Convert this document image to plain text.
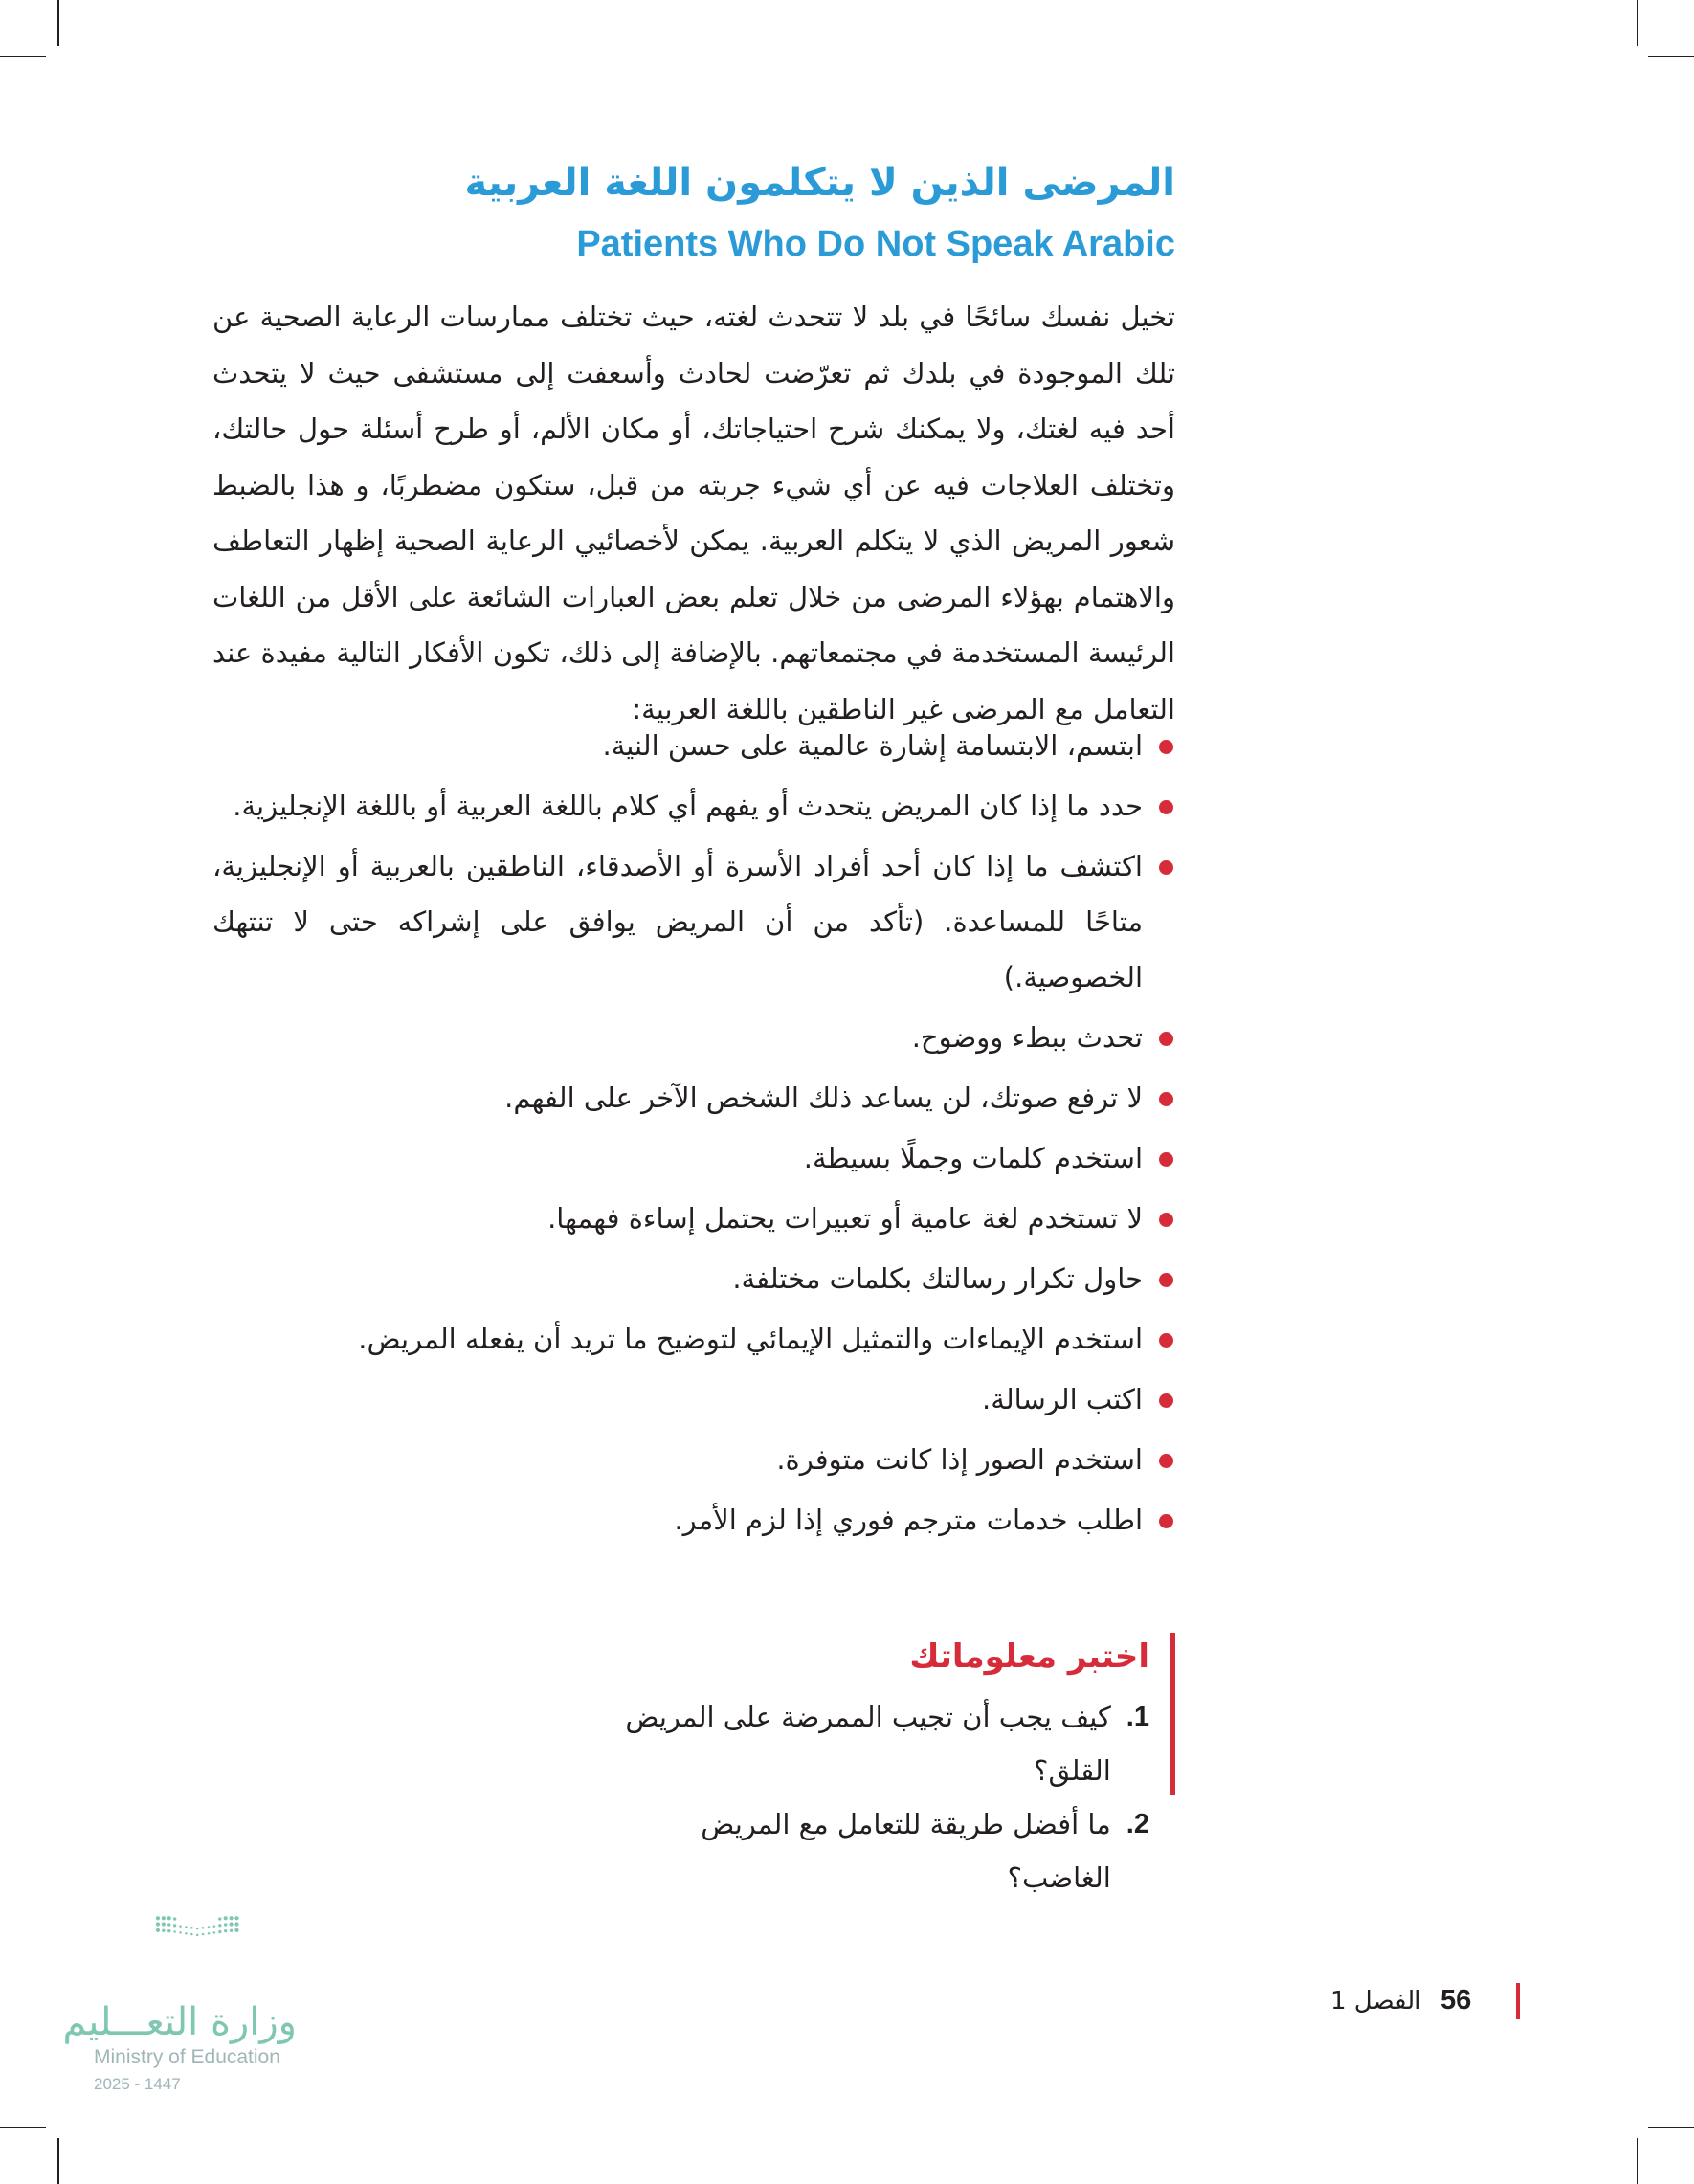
المرضى الذين لا يتكلمون اللغة العربية
Patients Who Do Not Speak Arabic

تخيل نفسك سائحًا في بلد لا تتحدث لغته، حيث تختلف ممارسات الرعاية الصحية عن تلك الموجودة في بلدك ثم تعرّضت لحادث وأسعفت إلى مستشفى حيث لا يتحدث أحد فيه لغتك، ولا يمكنك شرح احتياجاتك، أو مكان الألم، أو طرح أسئلة حول حالتك، وتختلف العلاجات فيه عن أي شيء جربته من قبل، ستكون مضطربًا، و هذا بالضبط شعور المريض الذي لا يتكلم العربية. يمكن لأخصائيي الرعاية الصحية إظهار التعاطف والاهتمام بهؤلاء المرضى من خلال تعلم بعض العبارات الشائعة على الأقل من اللغات الرئيسة المستخدمة في مجتمعاتهم. بالإضافة إلى ذلك، تكون الأفكار التالية مفيدة عند التعامل مع المرضى غير الناطقين باللغة العربية:

ابتسم، الابتسامة إشارة عالمية على حسن النية.
حدد ما إذا كان المريض يتحدث أو يفهم أي كلام باللغة العربية أو باللغة الإنجليزية.
اكتشف ما إذا كان أحد أفراد الأسرة أو الأصدقاء، الناطقين بالعربية أو الإنجليزية، متاحًا للمساعدة. (تأكد من أن المريض يوافق على إشراكه حتى لا تنتهك الخصوصية.)
تحدث ببطء ووضوح.
لا ترفع صوتك، لن يساعد ذلك الشخص الآخر على الفهم.
استخدم كلمات وجملًا بسيطة.
لا تستخدم لغة عامية أو تعبيرات يحتمل إساءة فهمها.
حاول تكرار رسالتك بكلمات مختلفة.
استخدم الإيماءات والتمثيل الإيمائي لتوضيح ما تريد أن يفعله المريض.
اكتب الرسالة.
استخدم الصور إذا كانت متوفرة.
اطلب خدمات مترجم فوري إذا لزم الأمر.
اختبر معلوماتك
1.
كيف يجب أن تجيب الممرضة على المريض القلق؟
2.
ما أفضل طريقة للتعامل مع المريض الغاضب؟
الفصل 1 56
وزارة التعـــليم
Ministry of Education
2025 - 1447
